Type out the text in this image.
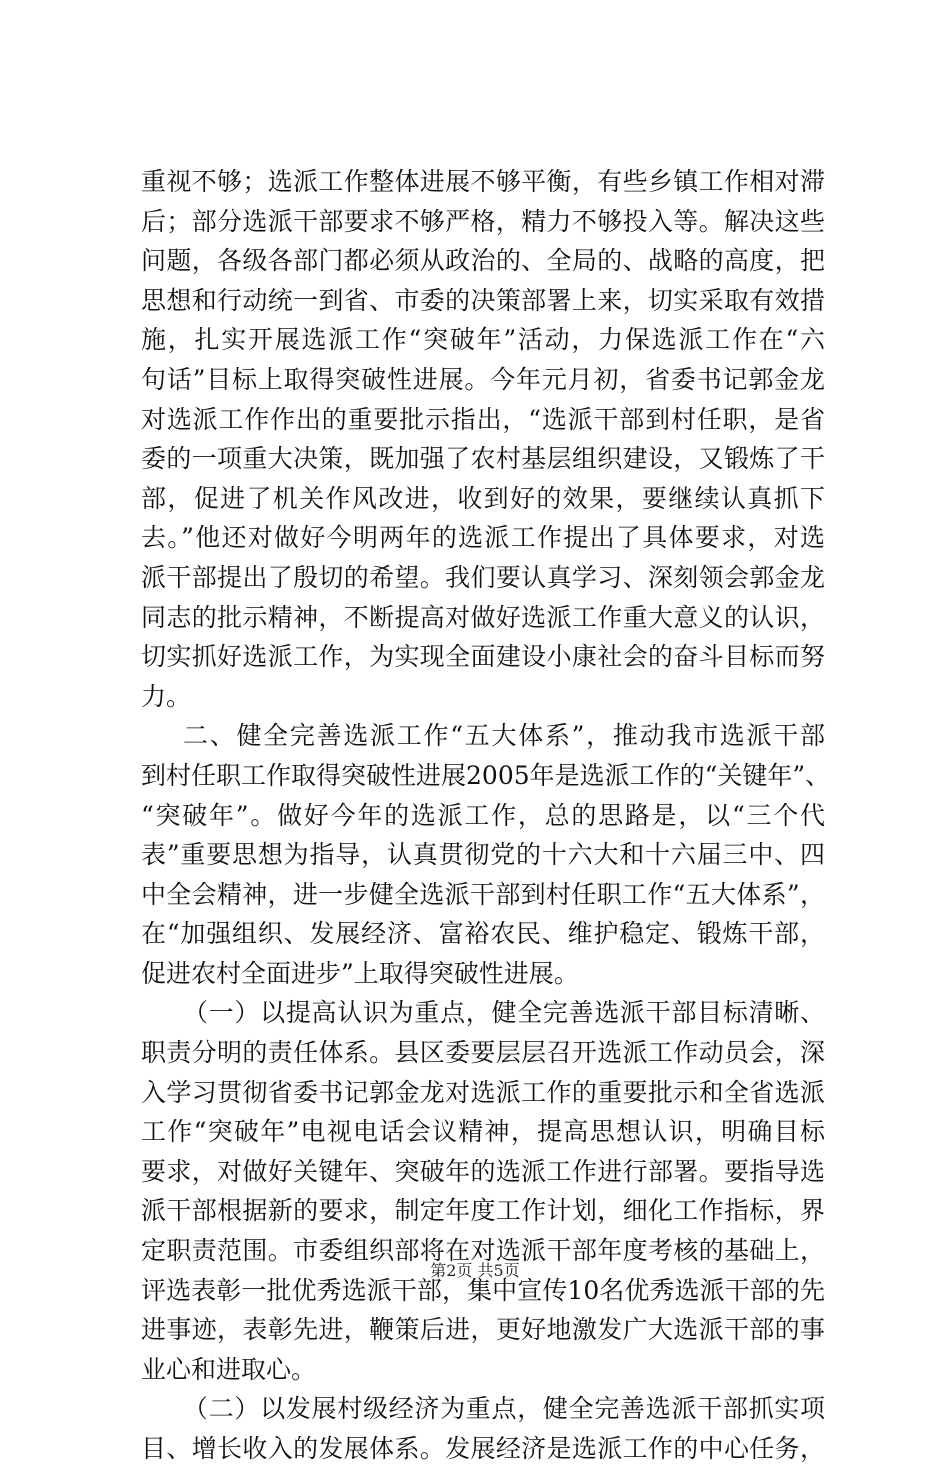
重视不够；选派工作整体进展不够平衡，有些乡镇工作相对滞
后；部分选派干部要求不够严格，精力不够投入等。解决这些
问题，各级各部门都必须从政治的、全局的、战略的高度，把
思想和行动统一到省、市委的决策部署上来，切实采取有效措
施，扎实开展选派工作“突破年”活动，力保选派工作在“六
句话”目标上取得突破性进展。今年元月初，省委书记郭金龙
对选派工作作出的重要批示指出，“选派干部到村任职，是省
委的一项重大决策，既加强了农村基层组织建设，又锻炼了干
部，促进了机关作风改进，收到好的效果，要继续认真抓下
去。”他还对做好今明两年的选派工作提出了具体要求，对选
派干部提出了殷切的希望。我们要认真学习、深刻领会郭金龙
同志的批示精神，不断提高对做好选派工作重大意义的认识，
切实抓好选派工作，为实现全面建设小康社会的奋斗目标而努
力。
二、健全完善选派工作“五大体系”，推动我市选派干部
到村任职工作取得突破性进展2005年是选派工作的“关键年”、
“突破年”。做好今年的选派工作，总的思路是，以“三个代
表”重要思想为指导，认真贯彻党的十六大和十六届三中、四
中全会精神，进一步健全选派干部到村任职工作“五大体系”，
在“加强组织、发展经济、富裕农民、维护稳定、锻炼干部，
促进农村全面进步”上取得突破性进展。
（一）以提高认识为重点，健全完善选派干部目标清晰、
职责分明的责任体系。县区委要层层召开选派工作动员会，深
入学习贯彻省委书记郭金龙对选派工作的重要批示和全省选派
工作“突破年”电视电话会议精神，提高思想认识，明确目标
要求，对做好关键年、突破年的选派工作进行部署。要指导选
派干部根据新的要求，制定年度工作计划，细化工作指标，界
定职责范围。市委组织部将在对选派干部年度考核的基础上，
评选表彰一批优秀选派干部，集中宣传10名优秀选派干部的先
进事迹，表彰先进，鞭策后进，更好地激发广大选派干部的事
业心和进取心。
（二）以发展村级经济为重点，健全完善选派干部抓实项
目、增长收入的发展体系。发展经济是选派工作的中心任务，
第2页 共5页
